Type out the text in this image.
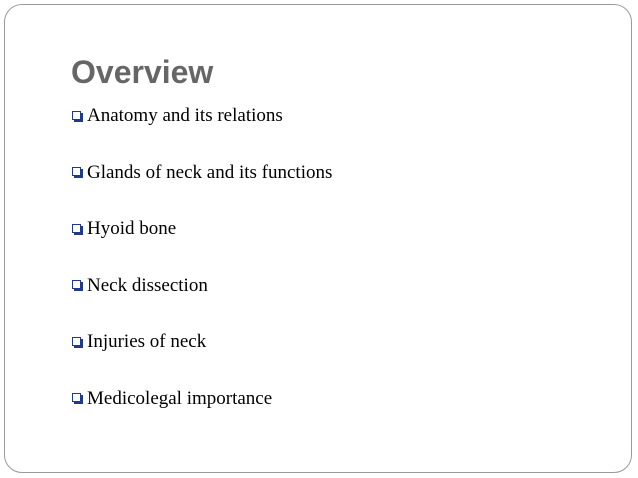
Overview
Anatomy and its relations
Glands of neck and its functions
Hyoid bone
Neck dissection
Injuries of neck
Medicolegal importance
